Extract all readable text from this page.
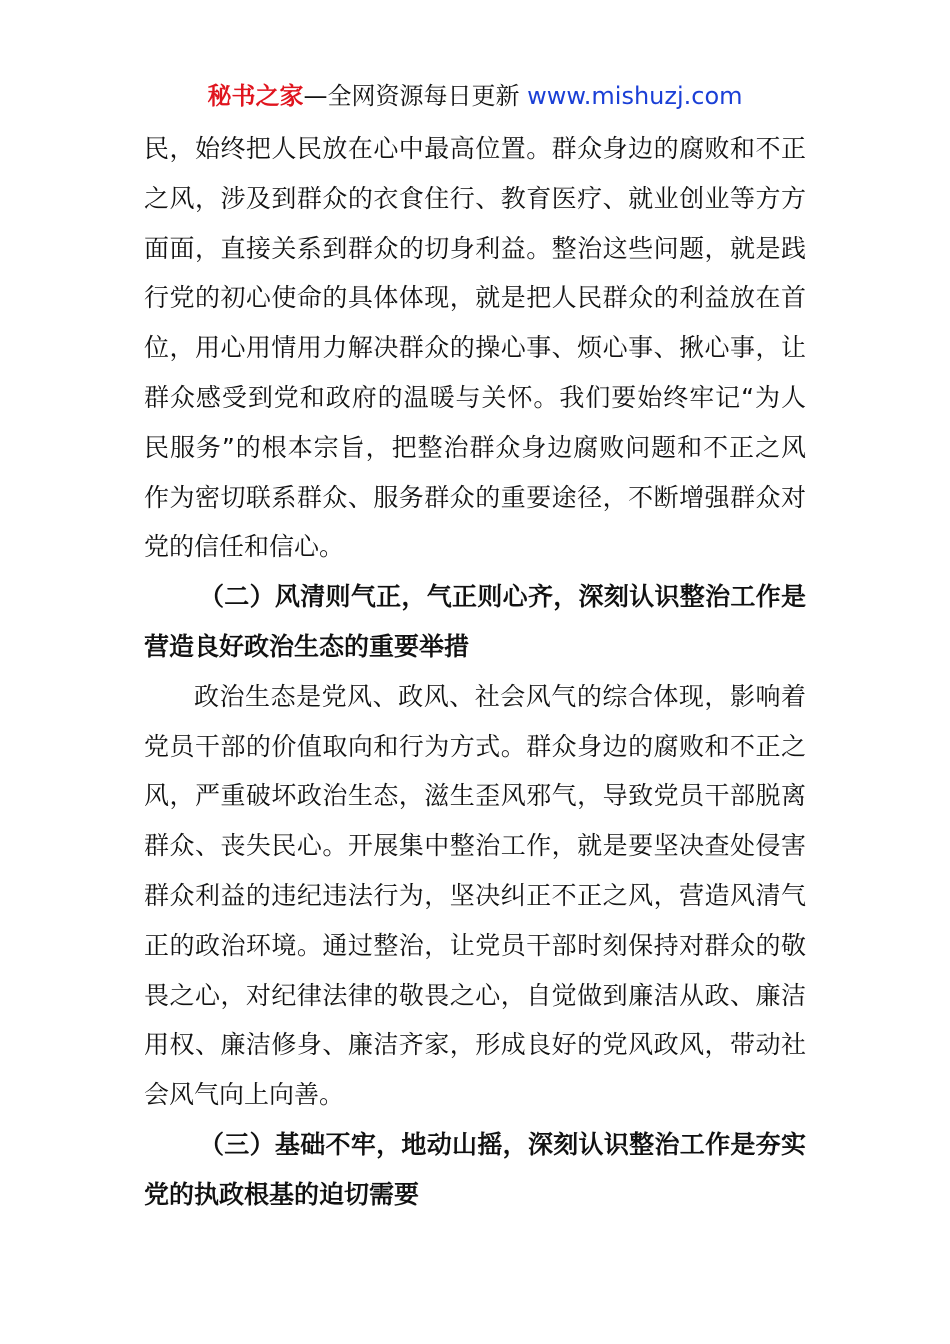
秘书之家—全网资源每日更新 www.mishuzj.com

民，始终把人民放在心中最高位置。群众身边的腐败和不正之风，涉及到群众的衣食住行、教育医疗、就业创业等方方面面，直接关系到群众的切身利益。整治这些问题，就是践行党的初心使命的具体体现，就是把人民群众的利益放在首位，用心用情用力解决群众的操心事、烦心事、揪心事，让群众感受到党和政府的温暖与关怀。我们要始终牢记“为人民服务”的根本宗旨，把整治群众身边腐败问题和不正之风作为密切联系群众、服务群众的重要途径，不断增强群众对党的信任和信心。

（二）风清则气正，气正则心齐，深刻认识整治工作是营造良好政治生态的重要举措

政治生态是党风、政风、社会风气的综合体现，影响着党员干部的价值取向和行为方式。群众身边的腐败和不正之风，严重破坏政治生态，滋生歪风邪气，导致党员干部脱离群众、丧失民心。开展集中整治工作，就是要坚决查处侵害群众利益的违纪违法行为，坚决纠正不正之风，营造风清气正的政治环境。通过整治，让党员干部时刻保持对群众的敬畏之心，对纪律法律的敬畏之心，自觉做到廉洁从政、廉洁用权、廉洁修身、廉洁齐家，形成良好的党风政风，带动社会风气向上向善。

（三）基础不牢，地动山摇，深刻认识整治工作是夯实党的执政根基的迫切需要
